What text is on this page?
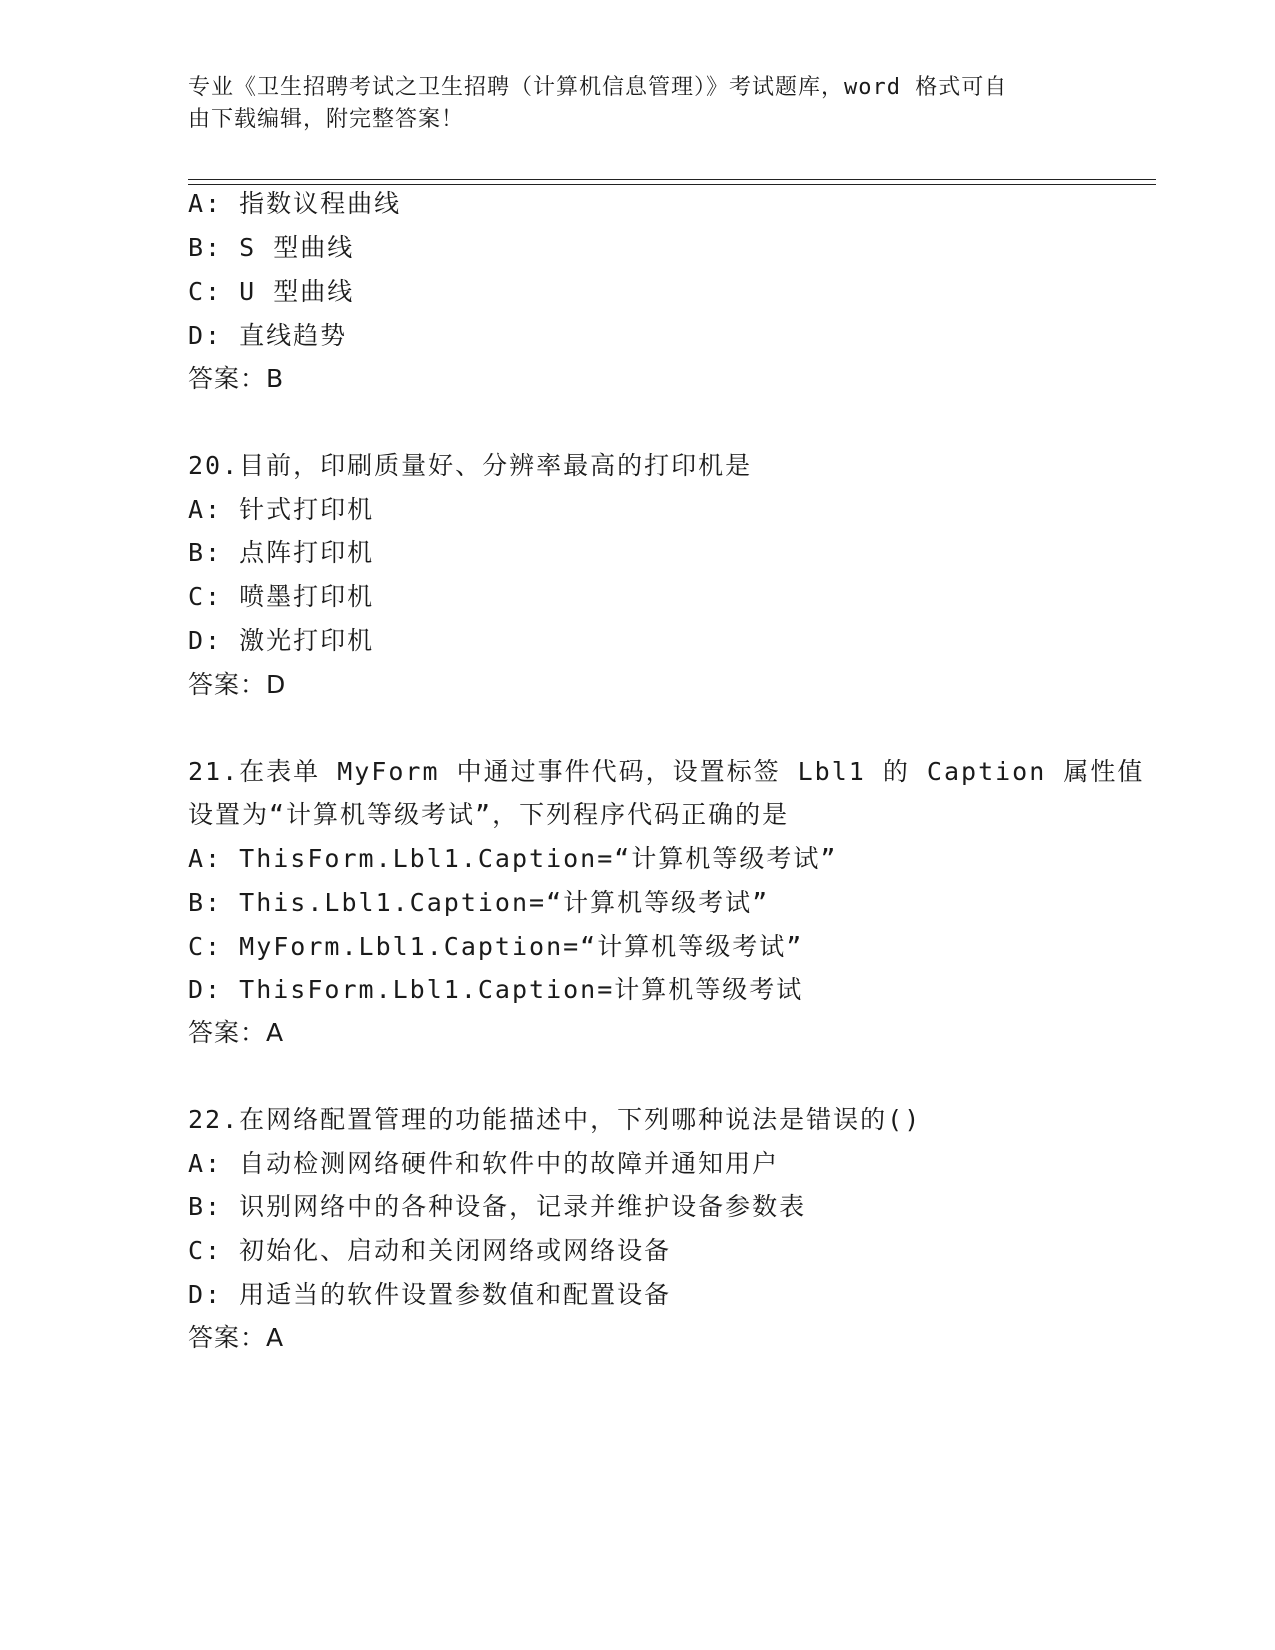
专业《卫生招聘考试之卫生招聘（计算机信息管理）》考试题库，word 格式可自
由下载编辑，附完整答案！
A: 指数议程曲线
B: S 型曲线
C: U 型曲线
D: 直线趋势
答案：B
20.目前，印刷质量好、分辨率最高的打印机是
A: 针式打印机
B: 点阵打印机
C: 喷墨打印机
D: 激光打印机
答案：D
21.在表单 MyForm 中通过事件代码，设置标签 Lbl1 的 Caption 属性值
设置为“计算机等级考试”，下列程序代码正确的是
A: ThisForm.Lbl1.Caption=“计算机等级考试”
B: This.Lbl1.Caption=“计算机等级考试”
C: MyForm.Lbl1.Caption=“计算机等级考试”
D: ThisForm.Lbl1.Caption=计算机等级考试
答案：A
22.在网络配置管理的功能描述中，下列哪种说法是错误的()
A: 自动检测网络硬件和软件中的故障并通知用户
B: 识别网络中的各种设备，记录并维护设备参数表
C: 初始化、启动和关闭网络或网络设备
D: 用适当的软件设置参数值和配置设备
答案：A
